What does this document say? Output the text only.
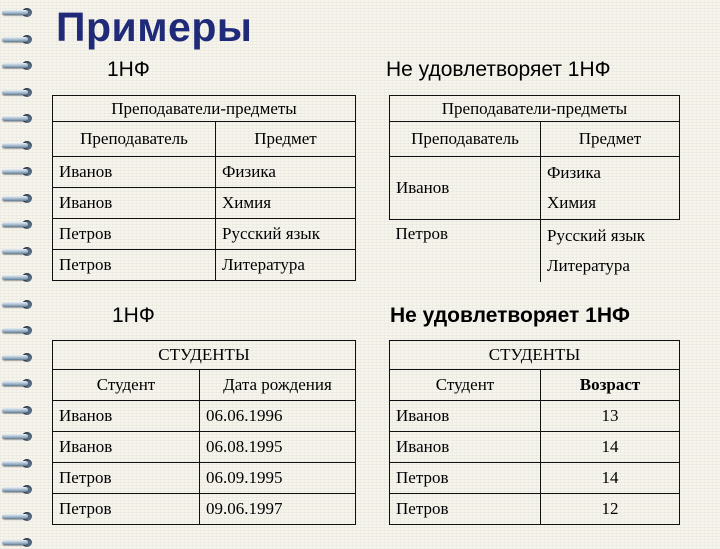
Примеры
1НФ	Не удовлетворяет 1НФ
1НФ	Не удовлетворяет 1НФ
Преподаватели-предметы	
Преподаватель	Предмет
Иванов	Физика
Иванов	Химия
Петров	Русский язык
Петров	Литература
Преподаватели-предметы	
Преподаватель	Предмет
Иванов	Физика
Химия

Петров	Русский язык
Литература
СТУДЕНТЫ	
Студент	Дата рождения
Иванов	06.06.1996
Иванов	06.08.1995
Петров	06.09.1995
Петров	09.06.1997
СТУДЕНТЫ	
Студент	Возраст
Иванов	13
Иванов	14
Петров	14
Петров	12
